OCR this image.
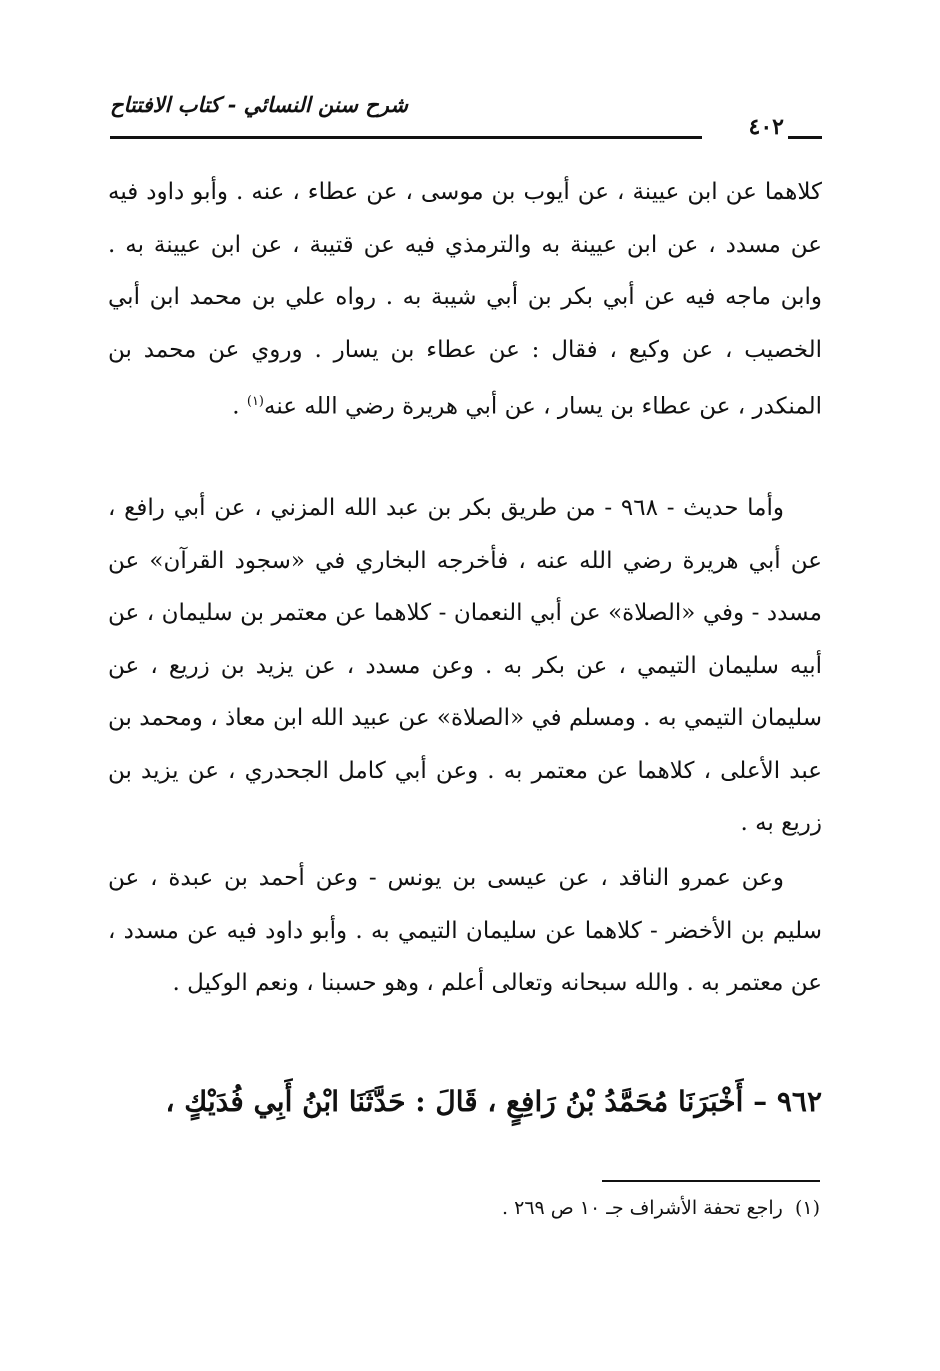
شرح سنن النسائي - كتاب الافتتاح
٤٠٢
كلاهما عن ابن عيينة ، عن أيوب بن موسى ، عن عطاء ، عنه . وأبو داود فيه عن مسدد ، عن ابن عيينة به والترمذي فيه عن قتيبة ، عن ابن عيينة به . وابن ماجه فيه عن أبي بكر بن أبي شيبة به . رواه علي بن محمد ابن أبي الخصيب ، عن وكيع ، فقال : عن عطاء بن يسار . وروي عن محمد بن المنكدر ، عن عطاء بن يسار ، عن أبي هريرة رضي الله عنه$^{(١)}$ .
وأما حديث - ٩٦٨ - من طريق بكر بن عبد الله المزني ، عن أبي رافع ، عن أبي هريرة رضي الله عنه ، فأخرجه البخاري في «سجود القرآن» عن مسدد - وفي «الصلاة» عن أبي النعمان - كلاهما عن معتمر بن سليمان ، عن أبيه سليمان التيمي ، عن بكر به . وعن مسدد ، عن يزيد بن زريع ، عن سليمان التيمي به . ومسلم في «الصلاة» عن عبيد الله ابن معاذ ، ومحمد بن عبد الأعلى ، كلاهما عن معتمر به . وعن أبي كامل الجحدري ، عن يزيد بن زريع به .
وعن عمرو الناقد ، عن عيسى بن يونس - وعن أحمد بن عبدة ، عن سليم بن الأخضر - كلاهما عن سليمان التيمي به . وأبو داود فيه عن مسدد ، عن معتمر به . والله سبحانه وتعالى أعلم ، وهو حسبنا ، ونعم الوكيل .
٩٦٢ – أَخْبَرَنَا مُحَمَّدُ بْنُ رَافِعٍ ، قَالَ : حَدَّثَنَا ابْنُ أَبِي فُدَيْكٍ ،
(١)  راجع تحفة الأشراف جـ ١٠ ص ٢٦٩ .
